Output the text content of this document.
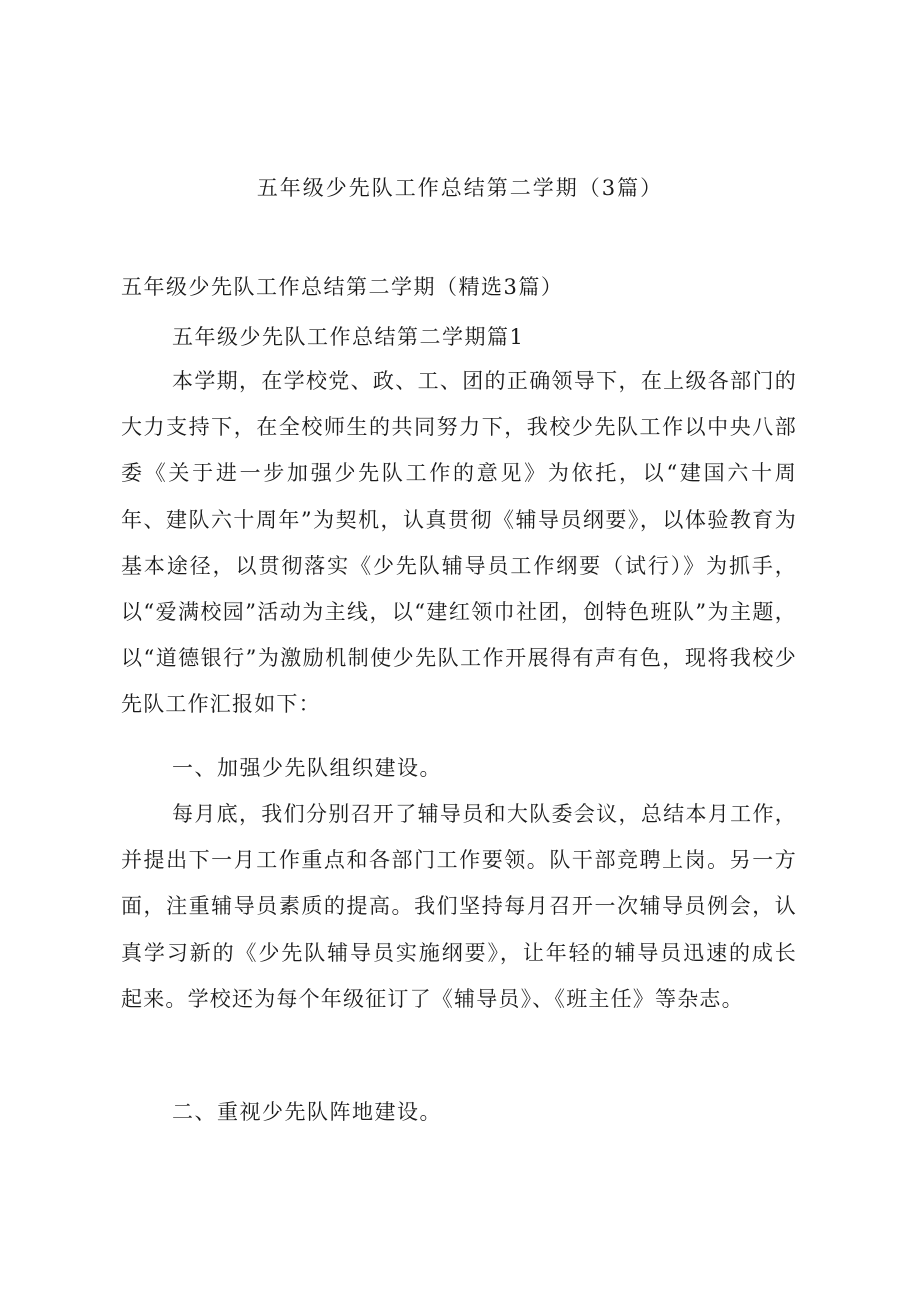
五年级少先队工作总结第二学期（3篇）

五年级少先队工作总结第二学期（精选3篇）

五年级少先队工作总结第二学期篇1

本学期，在学校党、政、工、团的正确领导下，在上级各部门的大力支持下，在全校师生的共同努力下，我校少先队工作以中央八部委《关于进一步加强少先队工作的意见》为依托，以“建国六十周年、建队六十周年”为契机，认真贯彻《辅导员纲要》，以体验教育为基本途径，以贯彻落实《少先队辅导员工作纲要（试行）》为抓手，以“爱满校园”活动为主线，以“建红领巾社团，创特色班队”为主题，以“道德银行”为激励机制使少先队工作开展得有声有色，现将我校少先队工作汇报如下：

一、加强少先队组织建设。

每月底，我们分别召开了辅导员和大队委会议，总结本月工作，并提出下一月工作重点和各部门工作要领。队干部竞聘上岗。另一方面，注重辅导员素质的提高。我们坚持每月召开一次辅导员例会，认真学习新的《少先队辅导员实施纲要》，让年轻的辅导员迅速的成长起来。学校还为每个年级征订了《辅导员》、《班主任》等杂志。

二、重视少先队阵地建设。
